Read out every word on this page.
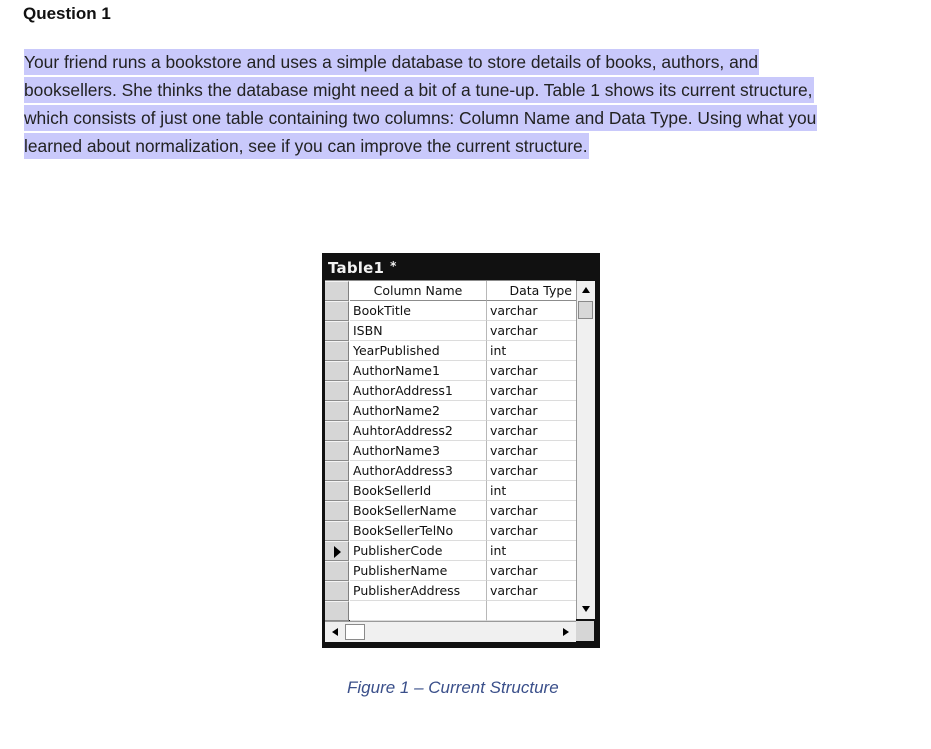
Question 1
Your friend runs a bookstore and uses a simple database to store details of books, authors, and
booksellers. She thinks the database might need a bit of a tune-up. Table 1 shows its current structure,
which consists of just one table containing two columns: Column Name and Data Type. Using what you
learned about normalization, see if you can improve the current structure.
Table1 *
Column Name	Data Type
BookTitle	varchar
ISBN	varchar
YearPublished	int
AuthorName1	varchar
AuthorAddress1	varchar
AuthorName2	varchar
AuhtorAddress2	varchar
AuthorName3	varchar
AuthorAddress3	varchar
BookSellerId	int
BookSellerName	varchar
BookSellerTelNo	varchar
PublisherCode	int
PublisherName	varchar
PublisherAddress	varchar
Figure 1 – Current Structure
